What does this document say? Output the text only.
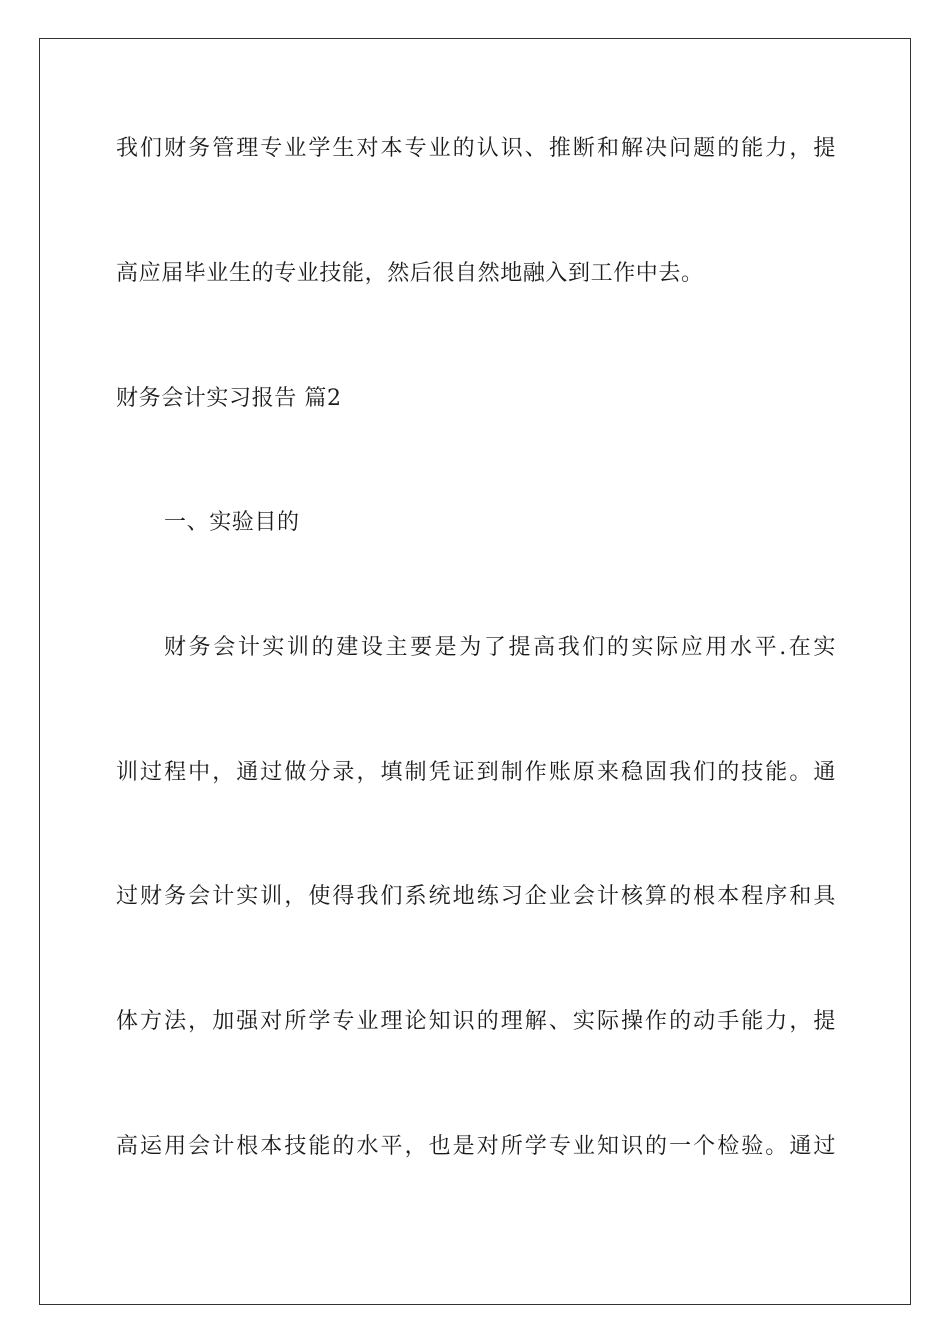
我们财务管理专业学生对本专业的认识、推断和解决问题的能力，提
高应届毕业生的专业技能，然后很自然地融入到工作中去。
财务会计实习报告 篇2
一、实验目的
财务会计实训的建设主要是为了提高我们的实际应用水平.在实
训过程中，通过做分录，填制凭证到制作账原来稳固我们的技能。通
过财务会计实训，使得我们系统地练习企业会计核算的根本程序和具
体方法，加强对所学专业理论知识的理解、实际操作的动手能力，提
高运用会计根本技能的水平，也是对所学专业知识的一个检验。通过
